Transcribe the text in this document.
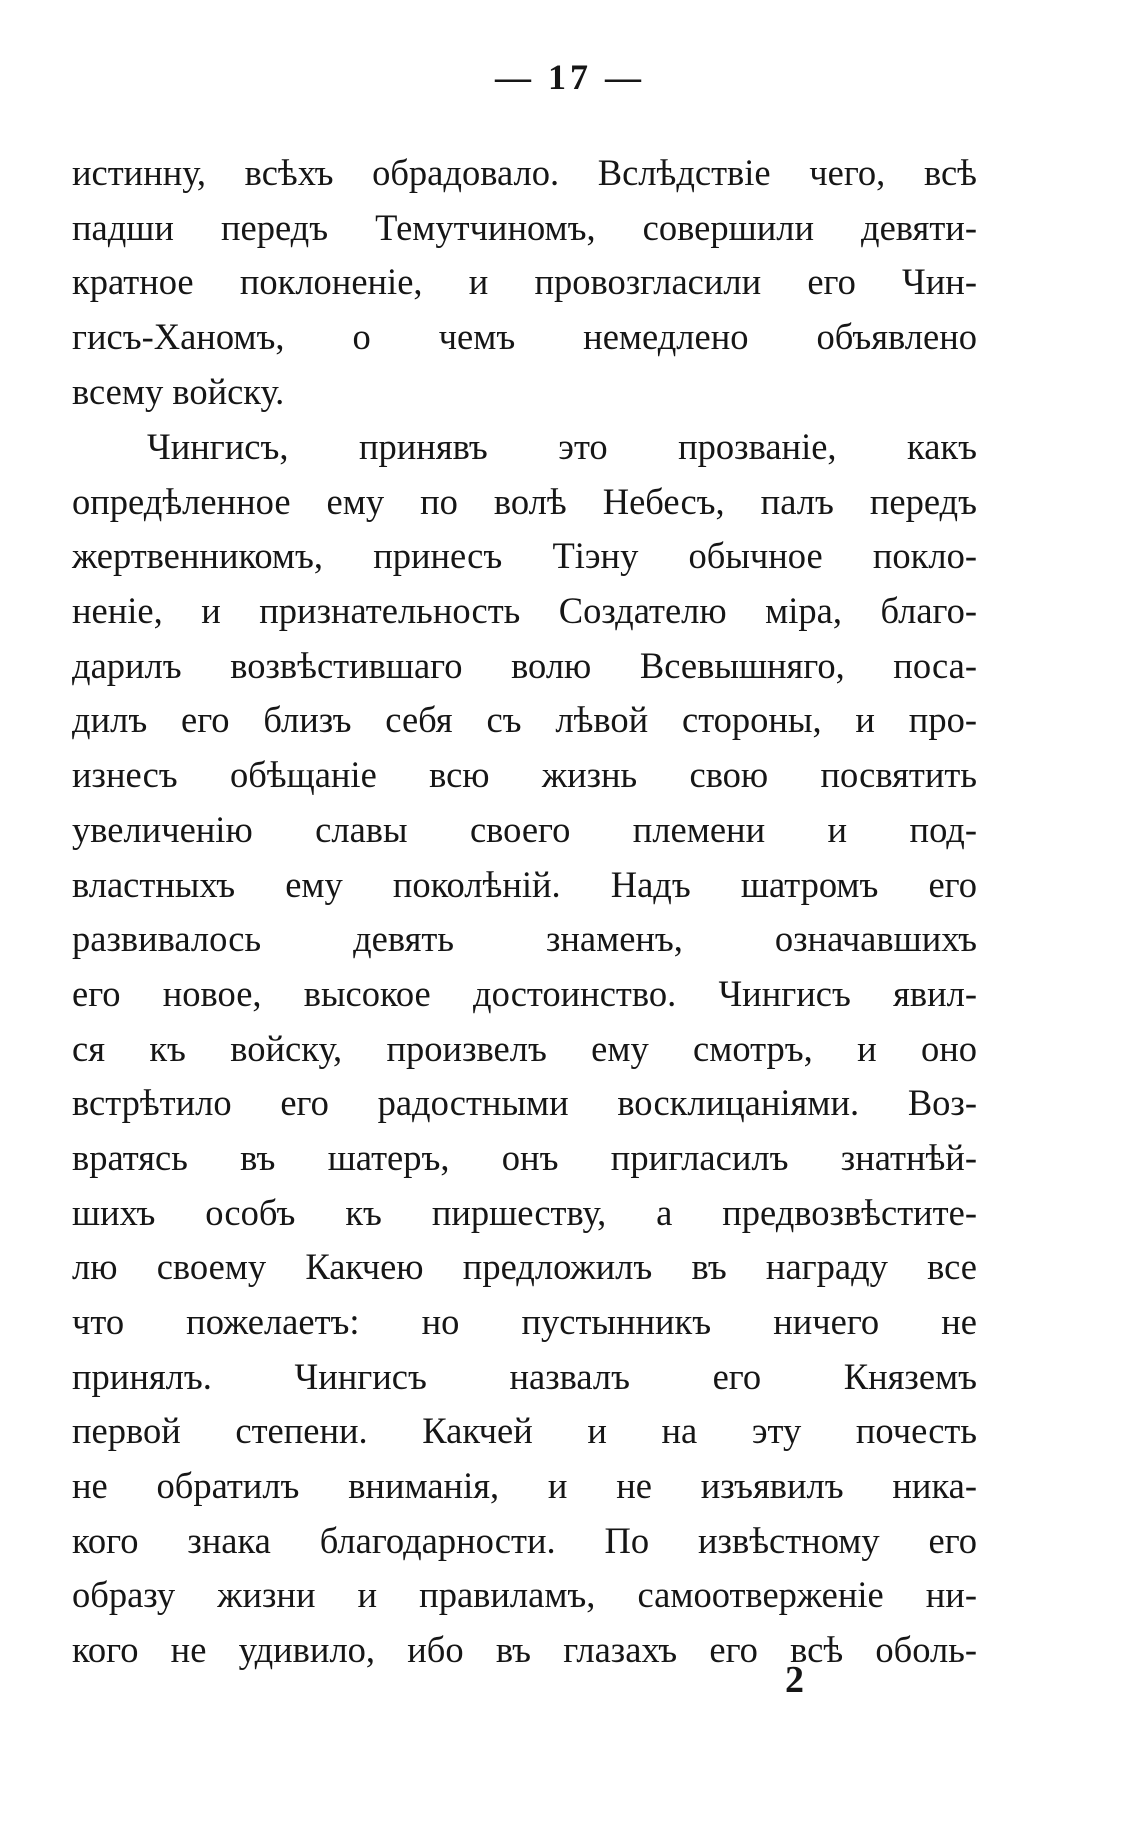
— 17 —
истинну, всѣхъ обрадовало. Вслѣдствіе чего, всѣ
падши передъ Темутчиномъ, совершили девяти-
кратное поклоненіе, и провозгласили его Чин-
гисъ-Ханомъ, о чемъ немедлено объявлено
всему войску.
Чингисъ, принявъ это прозваніе, какъ
опредѣленное ему по волѣ Небесъ, палъ передъ
жертвенникомъ, принесъ Тіэну обычное покло-
неніе, и признательность Создателю міра, благо-
дарилъ возвѣстившаго волю Всевышняго, поса-
дилъ его близъ себя съ лѣвой стороны, и про-
изнесъ обѣщаніе всю жизнь свою посвятить
увеличенію славы своего племени и под-
властныхъ ему поколѣній. Надъ шатромъ его
развивалось девять знаменъ, означавшихъ
его новое, высокое достоинство. Чингисъ явил-
ся къ войску, произвелъ ему смотръ, и оно
встрѣтило его радостными восклицаніями. Воз-
вратясь въ шатеръ, онъ пригласилъ знатнѣй-
шихъ особъ къ пиршеству, а предвозвѣстите-
лю своему Какчею предложилъ въ награду все
что пожелаетъ: но пустынникъ ничего не
принялъ. Чингисъ назвалъ его Княземъ
первой степени. Какчей и на эту почесть
не обратилъ вниманія, и не изъявилъ ника-
кого знака благодарности. По извѣстному его
образу жизни и правиламъ, самоотверженіе ни-
кого не удивило, ибо въ глазахъ его всѣ оболь-
2
